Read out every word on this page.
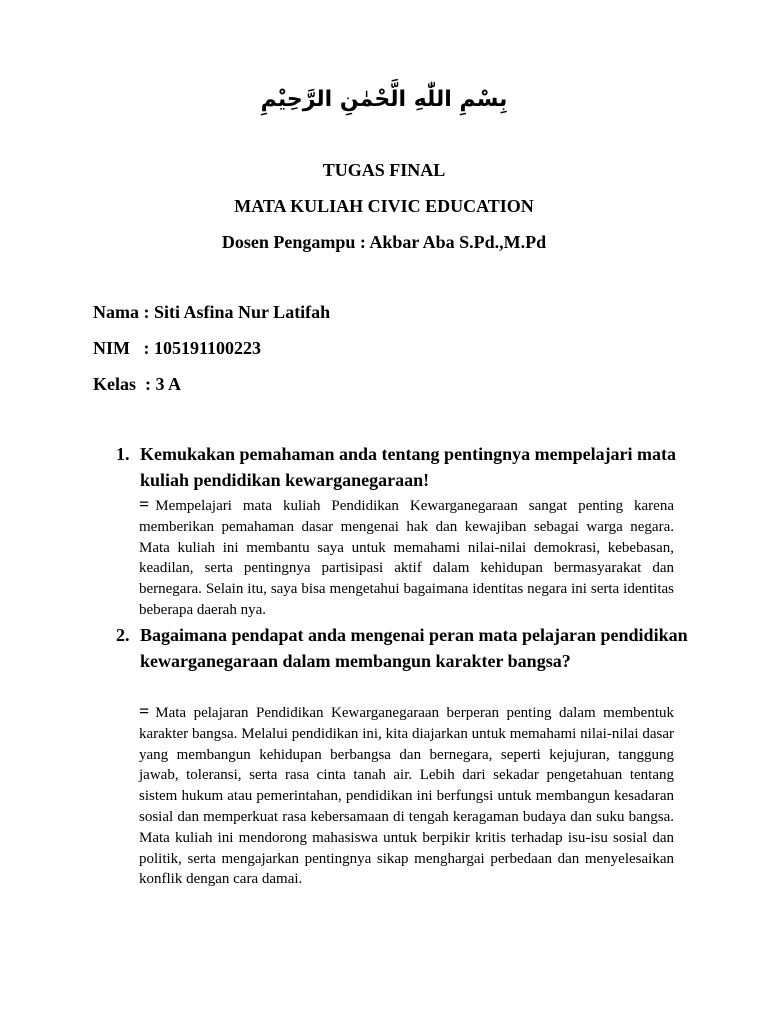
بِسْمِ اللّٰهِ الَّحْمٰنِ الرَّحِيْمِ
TUGAS FINAL
MATA KULIAH CIVIC EDUCATION
Dosen Pengampu : Akbar Aba S.Pd.,M.Pd
Nama : Siti Asfina Nur Latifah
NIM   : 105191100223
Kelas  : 3 A
1. Kemukakan pemahaman anda tentang pentingnya mempelajari mata kuliah pendidikan kewarganegaraan!
= Mempelajari mata kuliah Pendidikan Kewarganegaraan sangat penting karena memberikan pemahaman dasar mengenai hak dan kewajiban sebagai warga negara. Mata kuliah ini membantu saya untuk memahami nilai-nilai demokrasi, kebebasan, keadilan, serta pentingnya partisipasi aktif dalam kehidupan bermasyarakat dan bernegara. Selain itu, saya bisa mengetahui bagaimana identitas negara ini serta identitas beberapa daerah nya.
2. Bagaimana pendapat anda mengenai peran mata pelajaran pendidikan kewarganegaraan dalam membangun karakter bangsa?
= Mata pelajaran Pendidikan Kewarganegaraan berperan penting dalam membentuk karakter bangsa. Melalui pendidikan ini, kita diajarkan untuk memahami nilai-nilai dasar yang membangun kehidupan berbangsa dan bernegara, seperti kejujuran, tanggung jawab, toleransi, serta rasa cinta tanah air. Lebih dari sekadar pengetahuan tentang sistem hukum atau pemerintahan, pendidikan ini berfungsi untuk membangun kesadaran sosial dan memperkuat rasa kebersamaan di tengah keragaman budaya dan suku bangsa. Mata kuliah ini mendorong mahasiswa untuk berpikir kritis terhadap isu-isu sosial dan politik, serta mengajarkan pentingnya sikap menghargai perbedaan dan menyelesaikan konflik dengan cara damai.
